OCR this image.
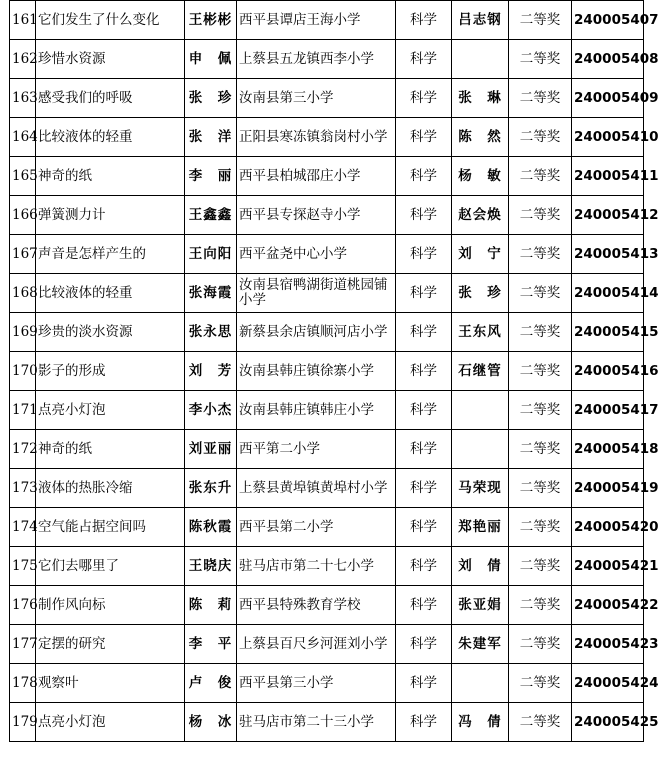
161	它们发生了什么变化	王彬彬	西平县谭店王海小学	科学	吕志钢	二等奖	240005407
162	珍惜水资源	申　佩	上蔡县五龙镇西李小学	科学		二等奖	240005408
163	感受我们的呼吸	张　珍	汝南县第三小学	科学	张　琳	二等奖	240005409
164	比较液体的轻重	张　洋	正阳县寒冻镇翁岗村小学	科学	陈　然	二等奖	240005410
165	神奇的纸	李　丽	西平县柏城邵庄小学	科学	杨　敏	二等奖	240005411
166	弹簧测力计	王鑫鑫	西平县专探赵寺小学	科学	赵会焕	二等奖	240005412
167	声音是怎样产生的	王向阳	西平盆尧中心小学	科学	刘　宁	二等奖	240005413
168	比较液体的轻重	张海霞	汝南县宿鸭湖街道桃园铺小学	科学	张　珍	二等奖	240005414
169	珍贵的淡水资源	张永思	新蔡县余店镇顺河店小学	科学	王东风	二等奖	240005415
170	影子的形成	刘　芳	汝南县韩庄镇徐寨小学	科学	石继管	二等奖	240005416
171	点亮小灯泡	李小杰	汝南县韩庄镇韩庄小学	科学		二等奖	240005417
172	神奇的纸	刘亚丽	西平第二小学	科学		二等奖	240005418
173	液体的热胀冷缩	张东升	上蔡县黄埠镇黄埠村小学	科学	马荣现	二等奖	240005419
174	空气能占据空间吗	陈秋霞	西平县第二小学	科学	郑艳丽	二等奖	240005420
175	它们去哪里了	王晓庆	驻马店市第二十七小学	科学	刘　倩	二等奖	240005421
176	制作风向标	陈　莉	西平县特殊教育学校	科学	张亚娟	二等奖	240005422
177	定摆的研究	李　平	上蔡县百尺乡河涯刘小学	科学	朱建军	二等奖	240005423
178	观察叶	卢　俊	西平县第三小学	科学		二等奖	240005424
179	点亮小灯泡	杨　冰	驻马店市第二十三小学	科学	冯　倩	二等奖	240005425
